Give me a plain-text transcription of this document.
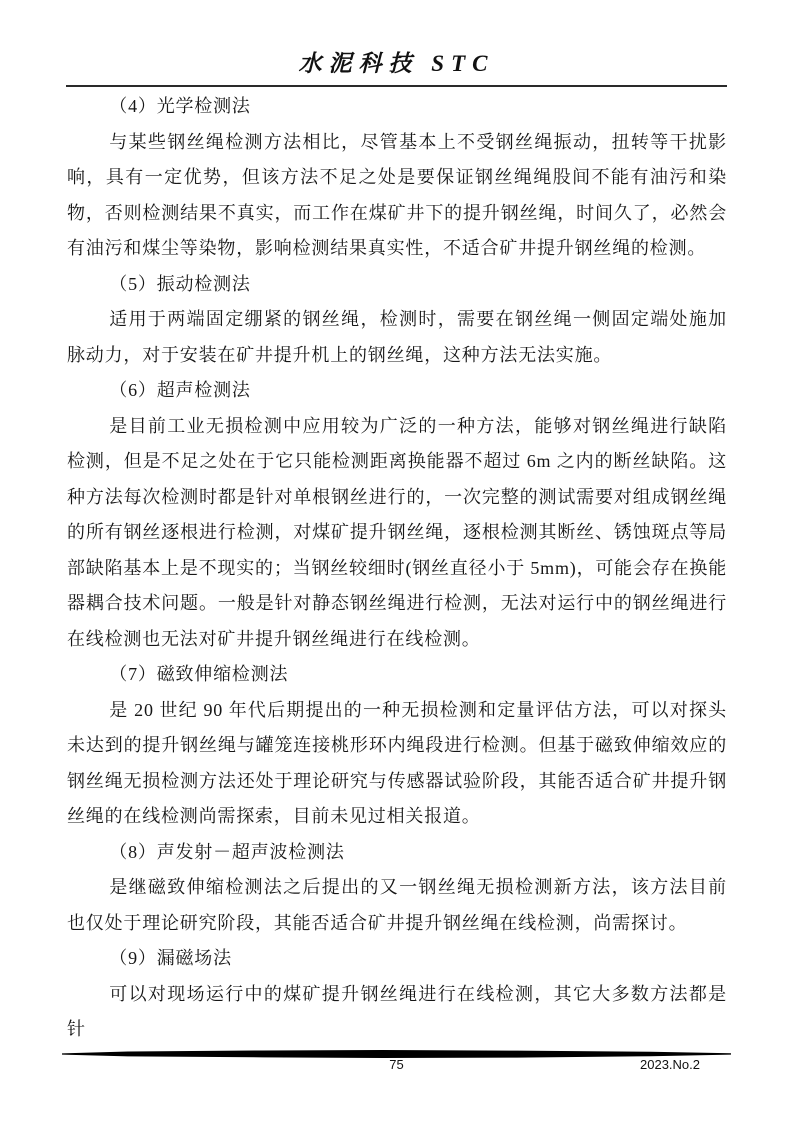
水泥科技 STC
（4）光学检测法

与某些钢丝绳检测方法相比，尽管基本上不受钢丝绳振动，扭转等干扰影响，具有一定优势，但该方法不足之处是要保证钢丝绳绳股间不能有油污和染物，否则检测结果不真实，而工作在煤矿井下的提升钢丝绳，时间久了，必然会有油污和煤尘等染物，影响检测结果真实性，不适合矿井提升钢丝绳的检测。

（5）振动检测法

适用于两端固定绷紧的钢丝绳，检测时，需要在钢丝绳一侧固定端处施加脉动力，对于安装在矿井提升机上的钢丝绳，这种方法无法实施。

（6）超声检测法

是目前工业无损检测中应用较为广泛的一种方法，能够对钢丝绳进行缺陷检测，但是不足之处在于它只能检测距离换能器不超过 6m 之内的断丝缺陷。这种方法每次检测时都是针对单根钢丝进行的，一次完整的测试需要对组成钢丝绳的所有钢丝逐根进行检测，对煤矿提升钢丝绳，逐根检测其断丝、锈蚀斑点等局部缺陷基本上是不现实的；当钢丝较细时(钢丝直径小于 5mm)，可能会存在换能器耦合技术问题。一般是针对静态钢丝绳进行检测，无法对运行中的钢丝绳进行在线检测也无法对矿井提升钢丝绳进行在线检测。

（7）磁致伸缩检测法

是 20 世纪 90 年代后期提出的一种无损检测和定量评估方法，可以对探头未达到的提升钢丝绳与罐笼连接桃形环内绳段进行检测。但基于磁致伸缩效应的钢丝绳无损检测方法还处于理论研究与传感器试验阶段，其能否适合矿井提升钢丝绳的在线检测尚需探索，目前未见过相关报道。

（8）声发射－超声波检测法

是继磁致伸缩检测法之后提出的又一钢丝绳无损检测新方法，该方法目前也仅处于理论研究阶段，其能否适合矿井提升钢丝绳在线检测，尚需探讨。

（9）漏磁场法

可以对现场运行中的煤矿提升钢丝绳进行在线检测，其它大多数方法都是针

75	2023.No.2
